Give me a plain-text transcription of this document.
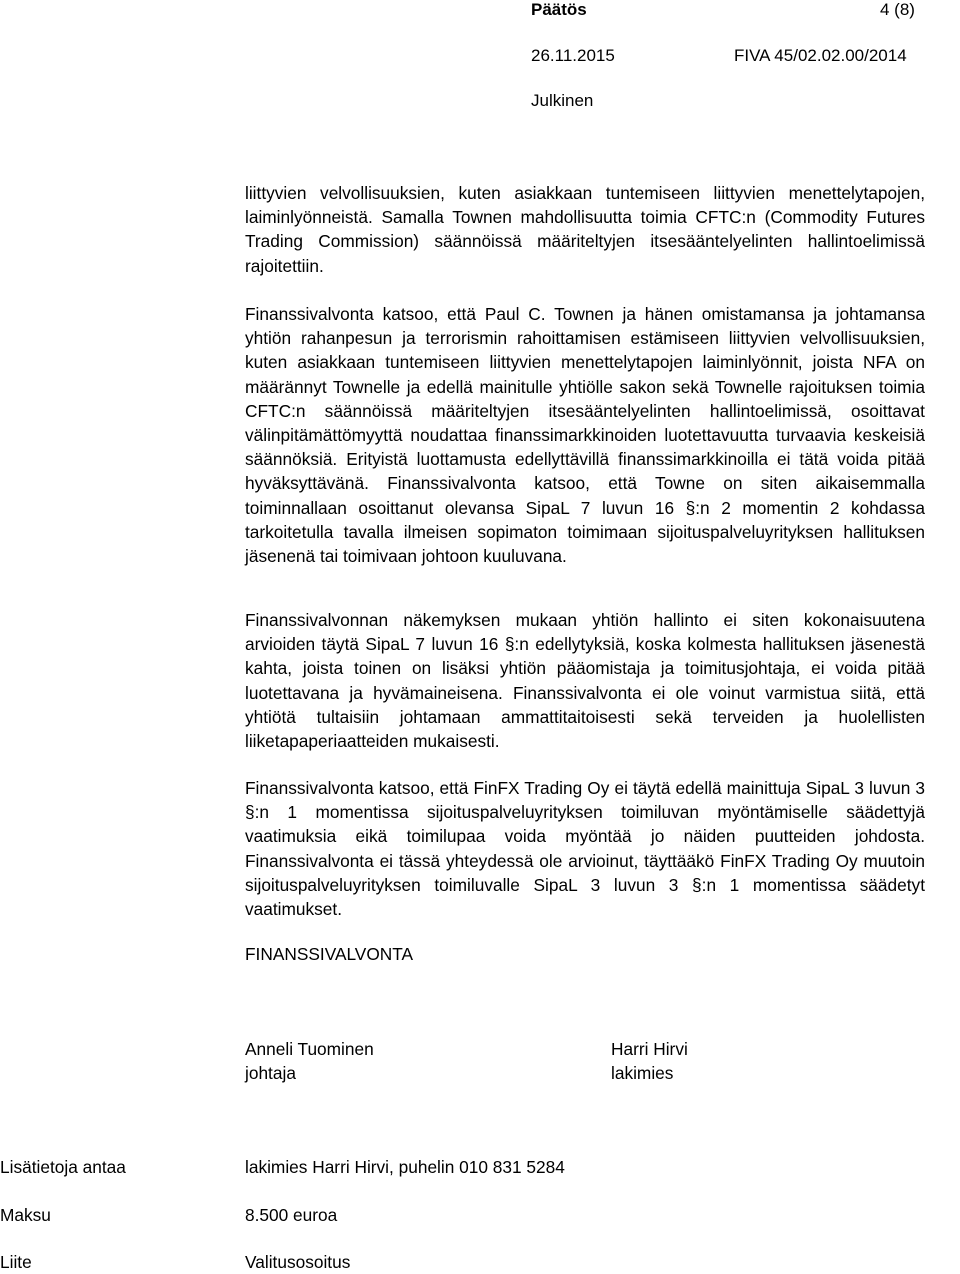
Päätös	4 (8)
26.11.2015	FIVA 45/02.02.00/2014
Julkinen

liittyvien velvollisuuksien, kuten asiakkaan tuntemiseen liittyvien menettelytapojen, laiminlyönneistä. Samalla Townen mahdollisuutta toimia CFTC:n (Commodity Futures Trading Commission) säännöissä määriteltyjen itsesääntelyelinten hallintoelimissä rajoitettiin.

Finanssivalvonta katsoo, että Paul C. Townen ja hänen omistamansa ja johtamansa yhtiön rahanpesun ja terrorismin rahoittamisen estämiseen liittyvien velvollisuuksien, kuten asiakkaan tuntemiseen liittyvien menettelytapojen laiminlyönnit, joista NFA on määrännyt Townelle ja edellä mainitulle yhtiölle sakon sekä Townelle rajoituksen toimia CFTC:n säännöissä määriteltyjen itsesääntelyelinten hallintoelimissä, osoittavat välinpitämättömyyttä noudattaa finanssimarkkinoiden luotettavuutta turvaavia keskeisiä säännöksiä. Erityistä luottamusta edellyttävillä finanssimarkkinoilla ei tätä voida pitää hyväksyttävänä. Finanssivalvonta katsoo, että Towne on siten aikaisemmalla toiminnallaan osoittanut olevansa SipaL 7 luvun 16 §:n 2 momentin 2 kohdassa tarkoitetulla tavalla ilmeisen sopimaton toimimaan sijoituspalveluyrityksen hallituksen jäsenenä tai toimivaan johtoon kuuluvana.

Finanssivalvonnan näkemyksen mukaan yhtiön hallinto ei siten kokonaisuutena arvioiden täytä SipaL 7 luvun 16 §:n edellytyksiä, koska kolmesta hallituksen jäsenestä kahta, joista toinen on lisäksi yhtiön pääomistaja ja toimitusjohtaja, ei voida pitää luotettavana ja hyvämaineisena. Finanssivalvonta ei ole voinut varmistua siitä, että yhtiötä tultaisiin johtamaan ammattitaitoisesti sekä terveiden ja huolellisten liiketapaperiaatteiden mukaisesti.

Finanssivalvonta katsoo, että FinFX Trading Oy ei täytä edellä mainittuja SipaL 3 luvun 3 §:n 1 momentissa sijoituspalveluyrityksen toimiluvan myöntämiselle säädettyjä vaatimuksia eikä toimilupaa voida myöntää jo näiden puutteiden johdosta. Finanssivalvonta ei tässä yhteydessä ole arvioinut, täyttääkö FinFX Trading Oy muutoin sijoituspalveluyrityksen toimiluvalle SipaL 3 luvun 3 §:n 1 momentissa säädetyt vaatimukset.

FINANSSIVALVONTA
Anneli Tuominen
johtaja
Harri Hirvi
lakimies
Lisätietoja antaa	lakimies Harri Hirvi, puhelin 010 831 5284
Maksu	8.500 euroa
Liite	Valitusosoitus
